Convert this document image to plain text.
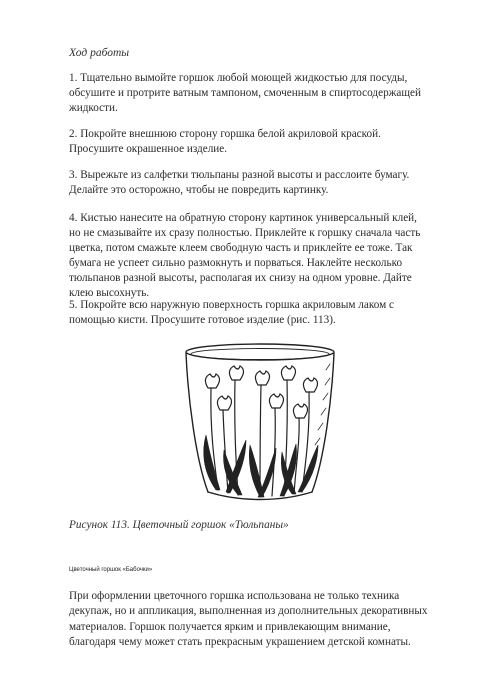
Ход работы
1. Тщательно вымойте горшок любой моющей жидкостью для посуды, обсушите и протрите ватным тампоном, смоченным в спиртосодержащей жидкости.
2. Покройте внешнюю сторону горшка белой акриловой краской. Просушите окрашенное изделие.
3. Вырежьте из салфетки тюльпаны разной высоты и расслоите бумагу. Делайте это осторожно, чтобы не повредить картинку.
4. Кистью нанесите на обратную сторону картинок универсальный клей, но не смазывайте их сразу полностью. Приклейте к горшку сначала часть цветка, потом смажьте клеем свободную часть и приклейте ее тоже. Так бумага не успеет сильно размокнуть и порваться. Наклейте несколько тюльпанов разной высоты, располагая их снизу на одном уровне. Дайте клею высохнуть.
5. Покройте всю наружную поверхность горшка акриловым лаком с помощью кисти. Просушите готовое изделие (рис. 113).
Рисунок 113. Цветочный горшок «Тюльпаны»
Цветочный горшок «Бабочки»
При оформлении цветочного горшка использована не только техника декупаж, но и аппликация, выполненная из дополнительных декоративных материалов. Горшок получается ярким и привлекающим внимание, благодаря чему может стать прекрасным украшением детской комнаты.
